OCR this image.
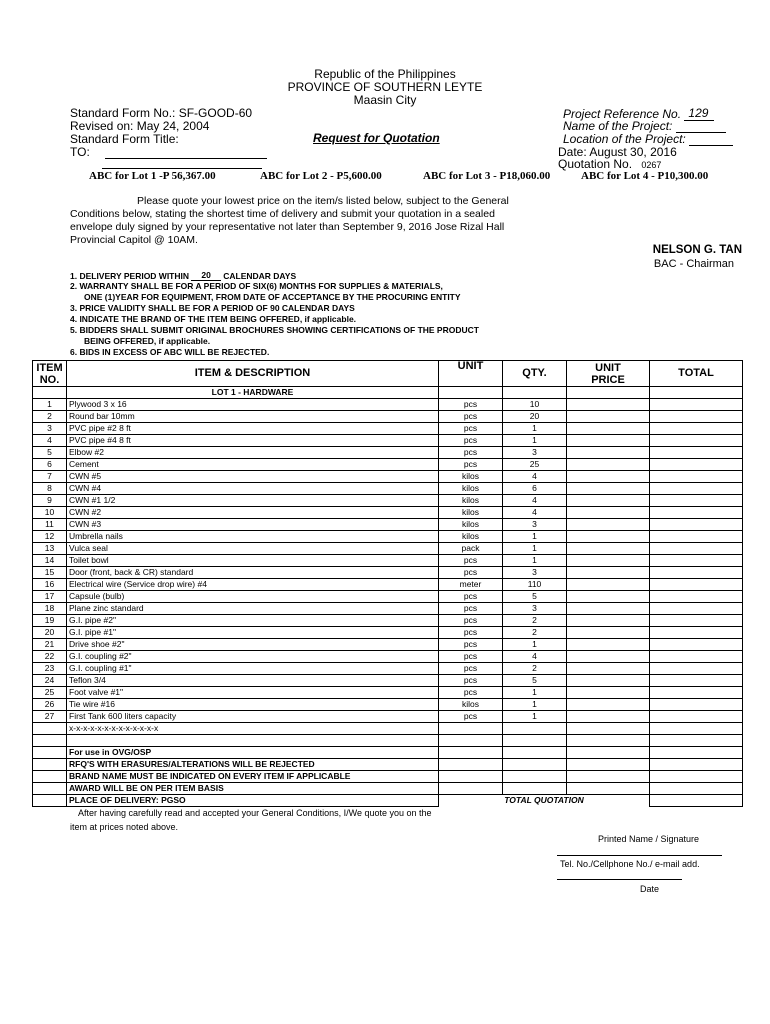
Republic of the Philippines
PROVINCE OF SOUTHERN LEYTE
Maasin City
Standard Form No.: SF-GOOD-60
Revised on: May 24, 2004
Standard Form Title:
TO:
Request for Quotation
Project Reference No. 129
Name of the Project:
Location of the Project:
Date: August 30, 2016
Quotation No. 0267
ABC for Lot 1 -P 56,367.00	ABC for Lot 2 - P5,600.00	ABC for Lot 3 - P18,060.00	ABC for Lot 4 - P10,300.00
Please quote your lowest price on the item/s listed below, subject to the General
Conditions below, stating the shortest time of delivery and submit your quotation in a sealed
envelope duly signed by your representative not later than September 9, 2016 Jose Rizal Hall
Provincial Capitol @ 10AM.
NELSON G. TAN
BAC - Chairman
1. DELIVERY PERIOD WITHIN 20 CALENDAR DAYS
2. WARRANTY SHALL BE FOR A PERIOD OF SIX(6) MONTHS FOR SUPPLIES & MATERIALS,
ONE (1)YEAR FOR EQUIPMENT, FROM DATE OF ACCEPTANCE BY THE PROCURING ENTITY
3. PRICE VALIDITY SHALL BE FOR A PERIOD OF 90 CALENDAR DAYS
4. INDICATE THE BRAND OF THE ITEM BEING OFFERED, if applicable.
5. BIDDERS SHALL SUBMIT ORIGINAL BROCHURES SHOWING CERTIFICATIONS OF THE PRODUCT
BEING OFFERED, if applicable.
6. BIDS IN EXCESS OF ABC WILL BE REJECTED.
ITEM NO.	ITEM & DESCRIPTION	UNIT	QTY.	UNIT PRICE	TOTAL
	LOT 1 - HARDWARE				
1	Plywood 3 x 16	pcs	10		
2	Round bar 10mm	pcs	20		
3	PVC pipe #2 8 ft	pcs	1		
4	PVC pipe #4 8 ft	pcs	1		
5	Elbow #2	pcs	3		
6	Cement	pcs	25		
7	CWN #5	kilos	4		
8	CWN #4	kilos	6		
9	CWN #1 1/2	kilos	4		
10	CWN #2	kilos	4		
11	CWN #3	kilos	3		
12	Umbrella nails	kilos	1		
13	Vulca seal	pack	1		
14	Toilet bowl	pcs	1		
15	Door (front, back & CR) standard	pcs	3		
16	Electrical wire (Service drop wire) #4	meter	110		
17	Capsule (bulb)	pcs	5		
18	Plane zinc standard	pcs	3		
19	G.I. pipe #2"	pcs	2		
20	G.I. pipe #1"	pcs	2		
21	Drive shoe #2"	pcs	1		
22	G.I. coupling #2"	pcs	4		
23	G.I. coupling #1"	pcs	2		
24	Teflon 3/4	pcs	5		
25	Foot valve #1"	pcs	1		
26	Tie wire #16	kilos	1		
27	First Tank 600 liters capacity	pcs	1		
	x-x-x-x-x-x-x-x-x-x-x-x-x				

	For use in OVG/OSP				
	RFQ'S WITH ERASURES/ALTERATIONS WILL BE REJECTED				
	BRAND NAME MUST BE INDICATED ON EVERY ITEM IF APPLICABLE				
	AWARD WILL BE ON PER ITEM BASIS				
	PLACE OF DELIVERY: PGSO	TOTAL QUOTATION			
After having carefully read and accepted your General Conditions, I/We quote you on the
item at prices noted above.
Printed Name / Signature
Tel. No./Cellphone No./ e-mail add.
Date
